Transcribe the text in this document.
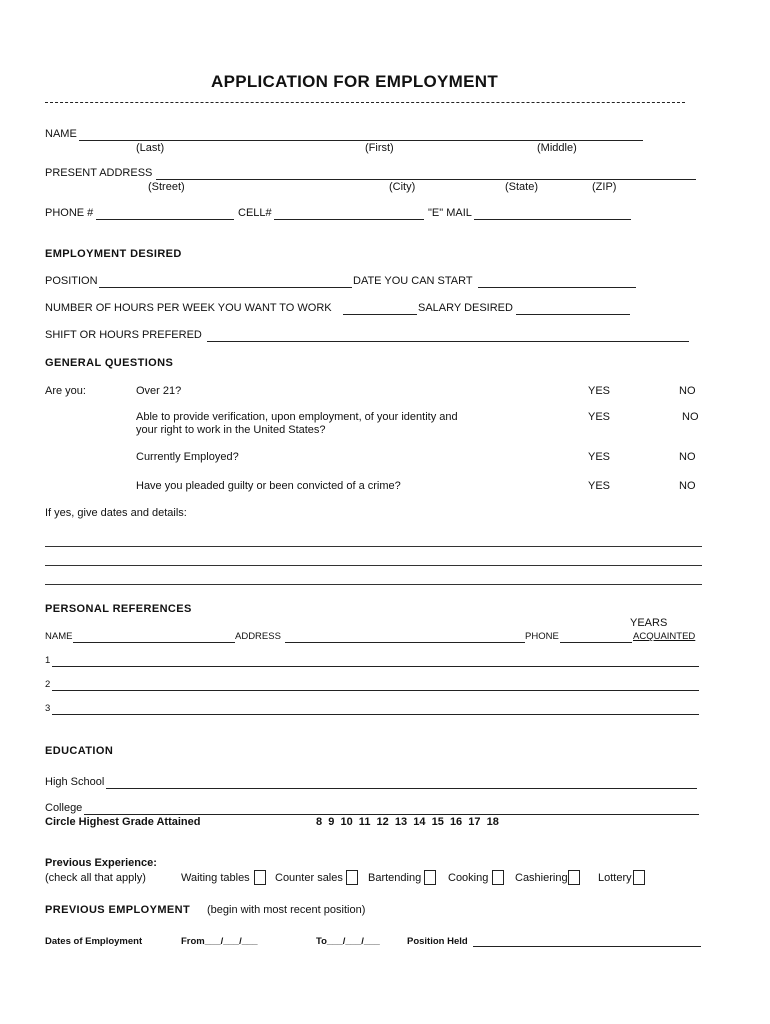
APPLICATION FOR EMPLOYMENT
NAME
(Last)	(First)	(Middle)
PRESENT ADDRESS
(Street)	(City)	(State)	(ZIP)
PHONE #	CELL#	"E" MAIL
EMPLOYMENT DESIRED
POSITION	DATE YOU CAN START
NUMBER OF HOURS PER WEEK YOU WANT TO WORK	SALARY DESIRED
SHIFT OR HOURS PREFERED
GENERAL QUESTIONS
Are you:	Over 21?	YES	NO
Able to provide verification, upon employment, of your identity and
your right to work in the United States?
YES	NO
Currently Employed?	YES	NO
Have you pleaded guilty or been convicted of a crime?	YES	NO
If yes, give dates and details:
PERSONAL REFERENCES
YEARS
NAME	ADDRESS	PHONE	ACQUAINTED
1
2
3
EDUCATION
High School
College
Circle Highest Grade Attained	8  9  10  11  12  13  14  15  16  17  18
Previous Experience:
(check all that apply)	Waiting tables Counter sales Bartending Cooking Cashiering	Lottery
PREVIOUS EMPLOYMENT (begin with most recent position)
Dates of Employment	From___/___/___	To___/___/___	Position Held
